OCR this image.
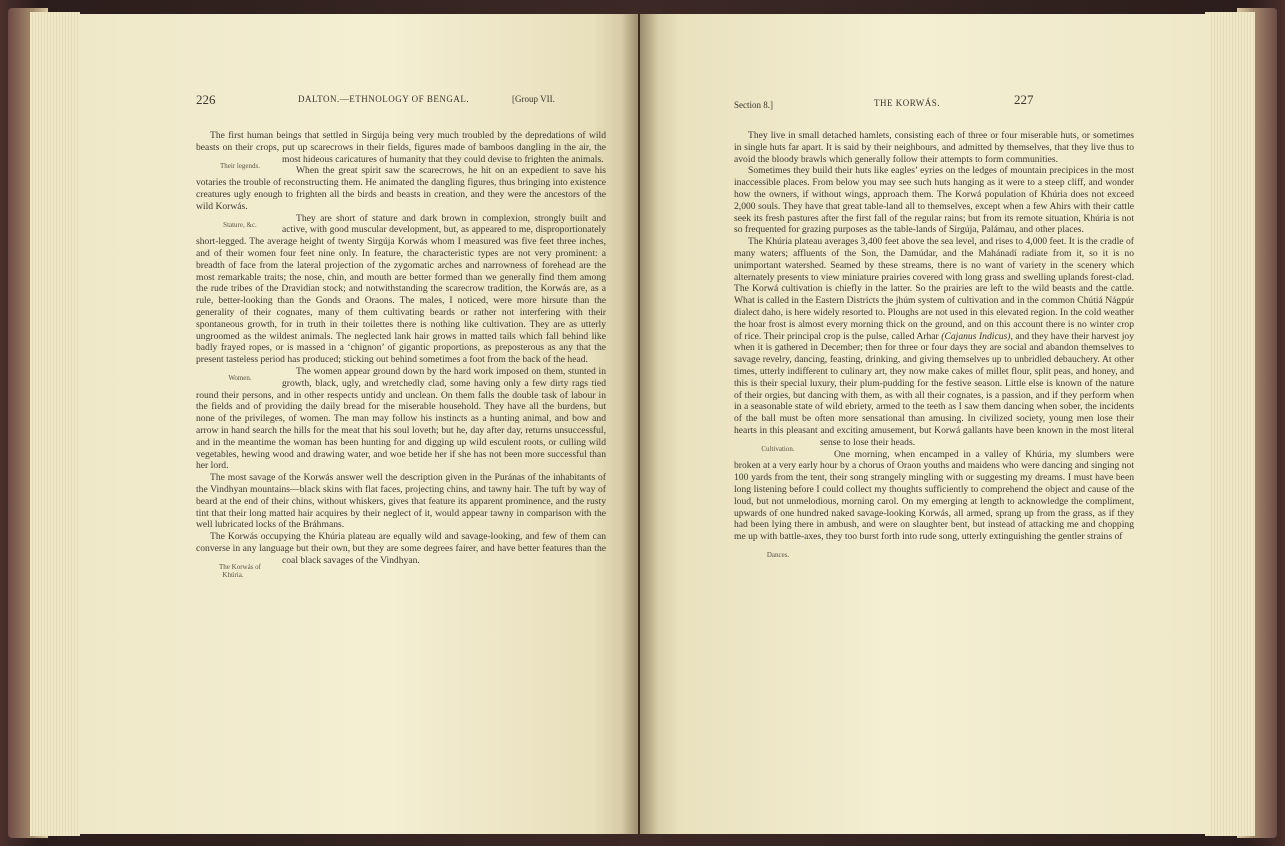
226	DALTON.—ETHNOLOGY OF BENGAL.	[Group VII.
Section 8.]	THE KORWÁS.	227

The first human beings that settled in Sirgúja being very much troubled by the depredations of wild beasts on their crops, put up scarecrows in their fields, figures made of bamboos dangling in the air, the most hideous caricatures of humanity that they could devise to frighten the animals.
Their legends.	When the great spirit saw the scarecrows, he hit on an expedient to save his votaries the trouble of reconstructing them. He animated the dangling figures, thus bringing into existence creatures ugly enough to frighten all the birds and beasts in creation, and they were the ancestors of the wild Korwás.

Stature, &c.
They are short of stature and dark brown in complexion, strongly built and active, with good muscular development, but, as appeared to me, disproportionately short-legged. The average height of twenty Sirgúja Korwás whom I measured was five feet three inches, and of their women four feet nine only. In feature, the characteristic types are not very prominent: a breadth of face from the lateral projection of the zygomatic arches and narrowness of forehead are the most remarkable traits; the nose, chin, and mouth are better formed than we generally find them among the rude tribes of the Dravidian stock; and notwithstanding the scarecrow tradition, the Korwás are, as a rule, better-looking than the Gonds and Oraons. The males, I noticed, were more hirsute than the generality of their cognates, many of them cultivating beards or rather not interfering with their spontaneous growth, for in truth in their toilettes there is nothing like cultivation. They are as utterly ungroomed as the wildest animals. The neglected lank hair grows in matted tails which fall behind like badly frayed ropes, or is massed in a ‘chignon’ of gigantic proportions, as preposterous as any that the present tasteless period has produced; sticking out behind sometimes a foot from the back of the head.

Women.
The women appear ground down by the hard work imposed on them, stunted in growth, black, ugly, and wretchedly clad, some having only a few dirty rags tied round their persons, and in other respects untidy and unclean. On them falls the double task of labour in the fields and of providing the daily bread for the miserable household. They have all the burdens, but none of the privileges, of women. The man may follow his instincts as a hunting animal, and bow and arrow in hand search the hills for the meat that his soul loveth; but he, day after day, returns unsuccessful, and in the meantime the woman has been hunting for and digging up wild esculent roots, or culling wild vegetables, hewing wood and drawing water, and woe betide her if she has not been more successful than her lord.

The most savage of the Korwás answer well the description given in the Puránas of the inhabitants of the Vindhyan mountains—black skins with flat faces, projecting chins, and tawny hair. The tuft by way of beard at the end of their chins, without whiskers, gives that feature its apparent prominence, and the rusty tint that their long matted hair acquires by their neglect of it, would appear tawny in comparison with the well lubricated locks of the Bráhmans.

The Korwás occupying the Khúria plateau are equally wild and savage-looking, and few of them can converse in any language but their own, but they are some degrees fairer, and have better features than the coal black savages of the Vindhyan.
The Korwás of Khúria.

They live in small detached hamlets, consisting each of three or four miserable huts, or sometimes in single huts far apart. It is said by their neighbours, and admitted by themselves, that they live thus to avoid the bloody brawls which generally follow their attempts to form communities.

Sometimes they build their huts like eagles’ eyries on the ledges of mountain precipices in the most inaccessible places. From below you may see such huts hanging as it were to a steep cliff, and wonder how the owners, if without wings, approach them. The Korwá population of Khúria does not exceed 2,000 souls. They have that great table-land all to themselves, except when a few Ahirs with their cattle seek its fresh pastures after the first fall of the regular rains; but from its remote situation, Khúria is not so frequented for grazing purposes as the table-lands of Sirgúja, Palámau, and other places.

The Khúria plateau averages 3,400 feet above the sea level, and rises to 4,000 feet. It is the cradle of many waters; affluents of the Son, the Damúdar, and the Mahánadí radiate from it, so it is no unimportant watershed. Seamed by these streams, there is no want of variety in the scenery which alternately presents to view miniature prairies covered with long grass and swelling uplands forest-clad. The Korwá cultivation is chiefly in the latter. So the prairies are left to the wild beasts and the cattle. What is called in the Eastern Districts the jhúm system of cultivation and in the common Chútiá Nágpúr dialect daho, is here widely resorted to. Ploughs are not used in this elevated region. In the cold weather the hoar frost is almost every morning thick on the ground, and on this account there is no winter crop of rice. Their principal crop is the pulse, called Arhar (Cajanus Indicus), and they have their harvest joy when it is gathered in December; then for three or four days they are social and abandon themselves to savage revelry, dancing, feasting, drinking, and giving themselves up to unbridled debauchery. At other times, utterly indifferent to culinary art, they now make cakes of millet flour, split peas, and honey, and this is their special luxury, their plum-pudding for the festive season. Little else is known of the nature of their orgies, but dancing with them, as with all their cognates, is a passion, and if they perform when in a seasonable state of wild ebriety, armed to the teeth as I saw them dancing when sober, the incidents of the ball must be often more sensational than amusing. In civilized society, young men lose their hearts in this pleasant and exciting amusement, but Korwá gallants have been known in the most literal sense to lose their heads.
Cultivation.	One morning, when encamped in a valley of Khúria, my slumbers were broken at a very early hour by a chorus of Oraon youths and maidens who were dancing and singing not 100 yards from the tent, their song strangely mingling with or suggesting my dreams. I must have been long listening before I could collect my thoughts sufficiently to comprehend the object and cause of the loud, but not unmelodious, morning carol. On my emerging at length to acknowledge the compliment, upwards of one hundred naked savage-looking Korwás, all armed, sprang up from the grass, as if they had been lying there in ambush, and were on slaughter bent, but instead of attacking me and chopping me up with battle-axes, they too burst forth into rude song, utterly extinguishing the gentler strains of
Dances.
